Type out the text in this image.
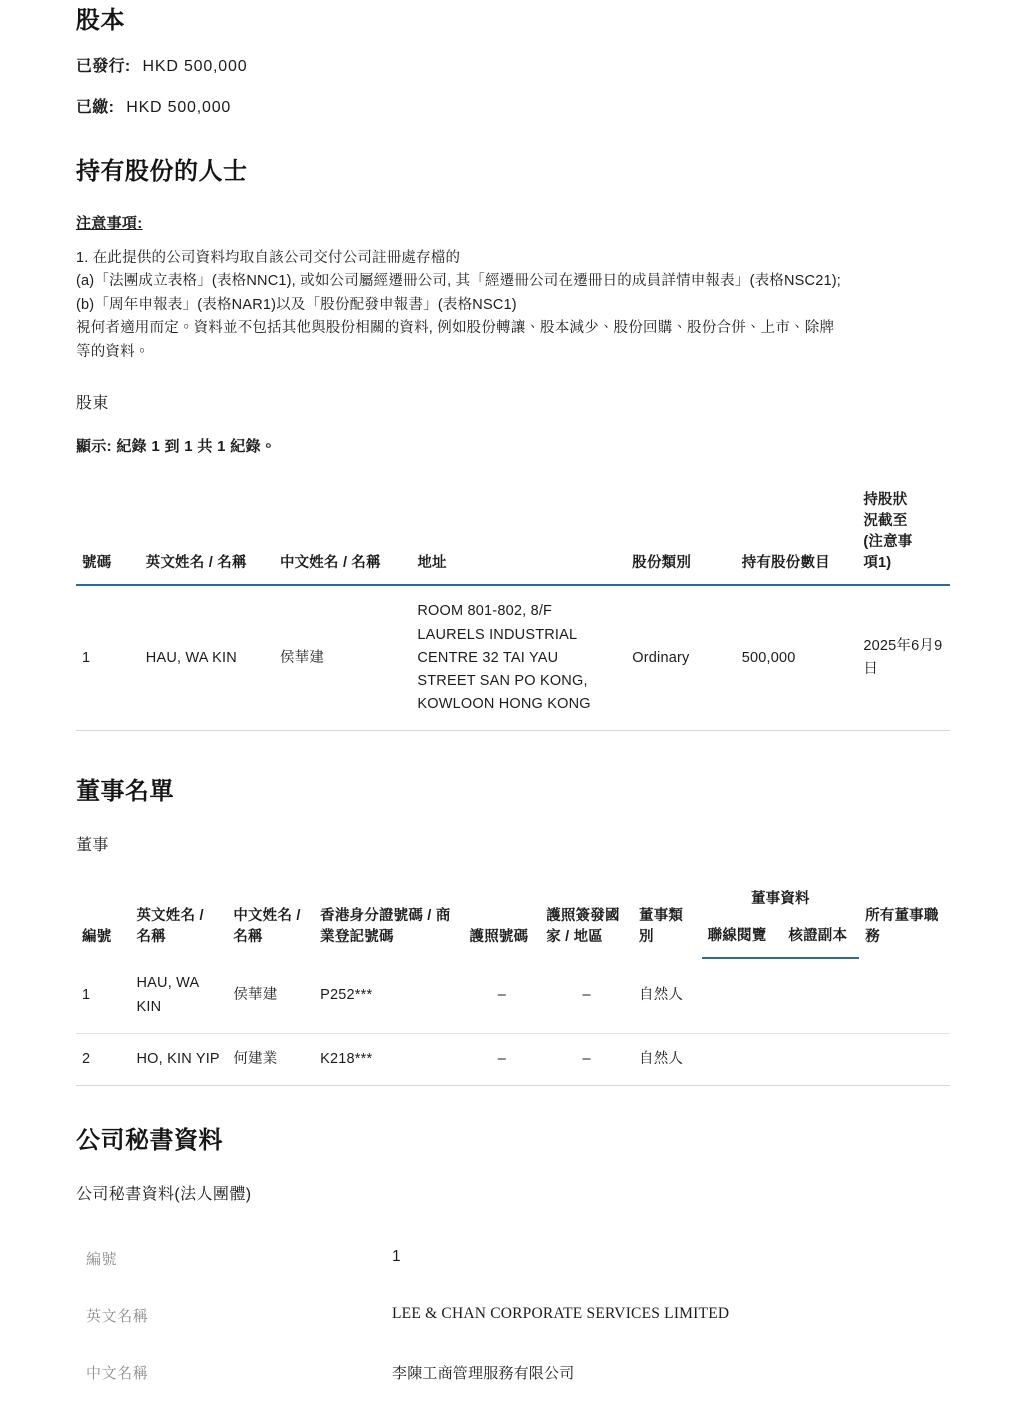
股本
已發行: HKD 500,000
已繳: HKD 500,000
持有股份的人士
注意事項:
1. 在此提供的公司資料均取自該公司交付公司註冊處存檔的
(a)「法團成立表格」(表格NNC1), 或如公司屬經遷冊公司, 其「經遷冊公司在遷冊日的成員詳情申報表」(表格NSC21);
(b)「周年申報表」(表格NAR1)以及「股份配發申報書」(表格NSC1)
視何者適用而定。資料並不包括其他與股份相關的資料, 例如股份轉讓、股本減少、股份回購、股份合併、上市、除牌
等的資料。
股東
顯示: 紀錄 1 到 1 共 1 紀錄。
號碼	英文姓名 / 名稱	中文姓名 / 名稱	地址	股份類別	持有股份數目	持股狀
況截至
(注意事
項1)
1	HAU, WA KIN	侯華建	ROOM 801-802, 8/F LAURELS INDUSTRIAL CENTRE 32 TAI YAU STREET SAN PO KONG, KOWLOON HONG KONG	Ordinary	500,000	2025年6月9日
董事名單
董事
編號	英文姓名 / 名稱	中文姓名 / 名稱	香港身分證號碼 / 商業登記號碼	護照號碼	護照簽發國家 / 地區	董事類別	董事資料		所有董事職務
							聯線閱覽	核證副本	
1	HAU, WA KIN	侯華建	P252***	–	–	自然人			
2	HO, KIN YIP	何建業	K218***	–	–	自然人			
公司秘書資料
公司秘書資料(法人團體)
編號	1
英文名稱	LEE & CHAN CORPORATE SERVICES LIMITED
中文名稱	李陳工商管理服務有限公司
